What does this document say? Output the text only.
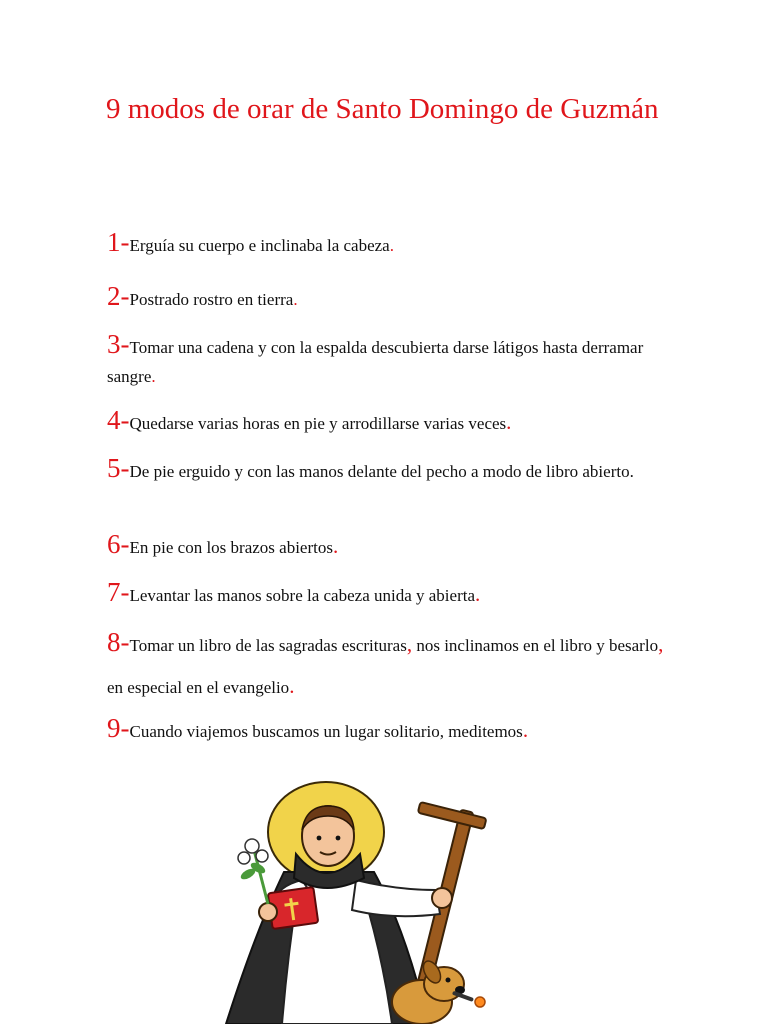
9 modos de orar de Santo Domingo de Guzmán
1-Erguía su cuerpo e inclinaba la cabeza.
2-Postrado rostro en tierra.
3-Tomar una cadena y con la espalda descubierta darse látigos hasta derramar sangre.
4-Quedarse varias horas en pie y arrodillarse varias veces.
5-De pie erguido y con las manos delante del pecho a modo de libro abierto.
6-En pie con los brazos abiertos.
7-Levantar las manos sobre la cabeza unida y abierta.
8-Tomar un libro de las sagradas escrituras, nos inclinamos en el libro y besarlo, en especial en el evangelio.
9-Cuando viajemos buscamos un lugar solitario, meditemos.
